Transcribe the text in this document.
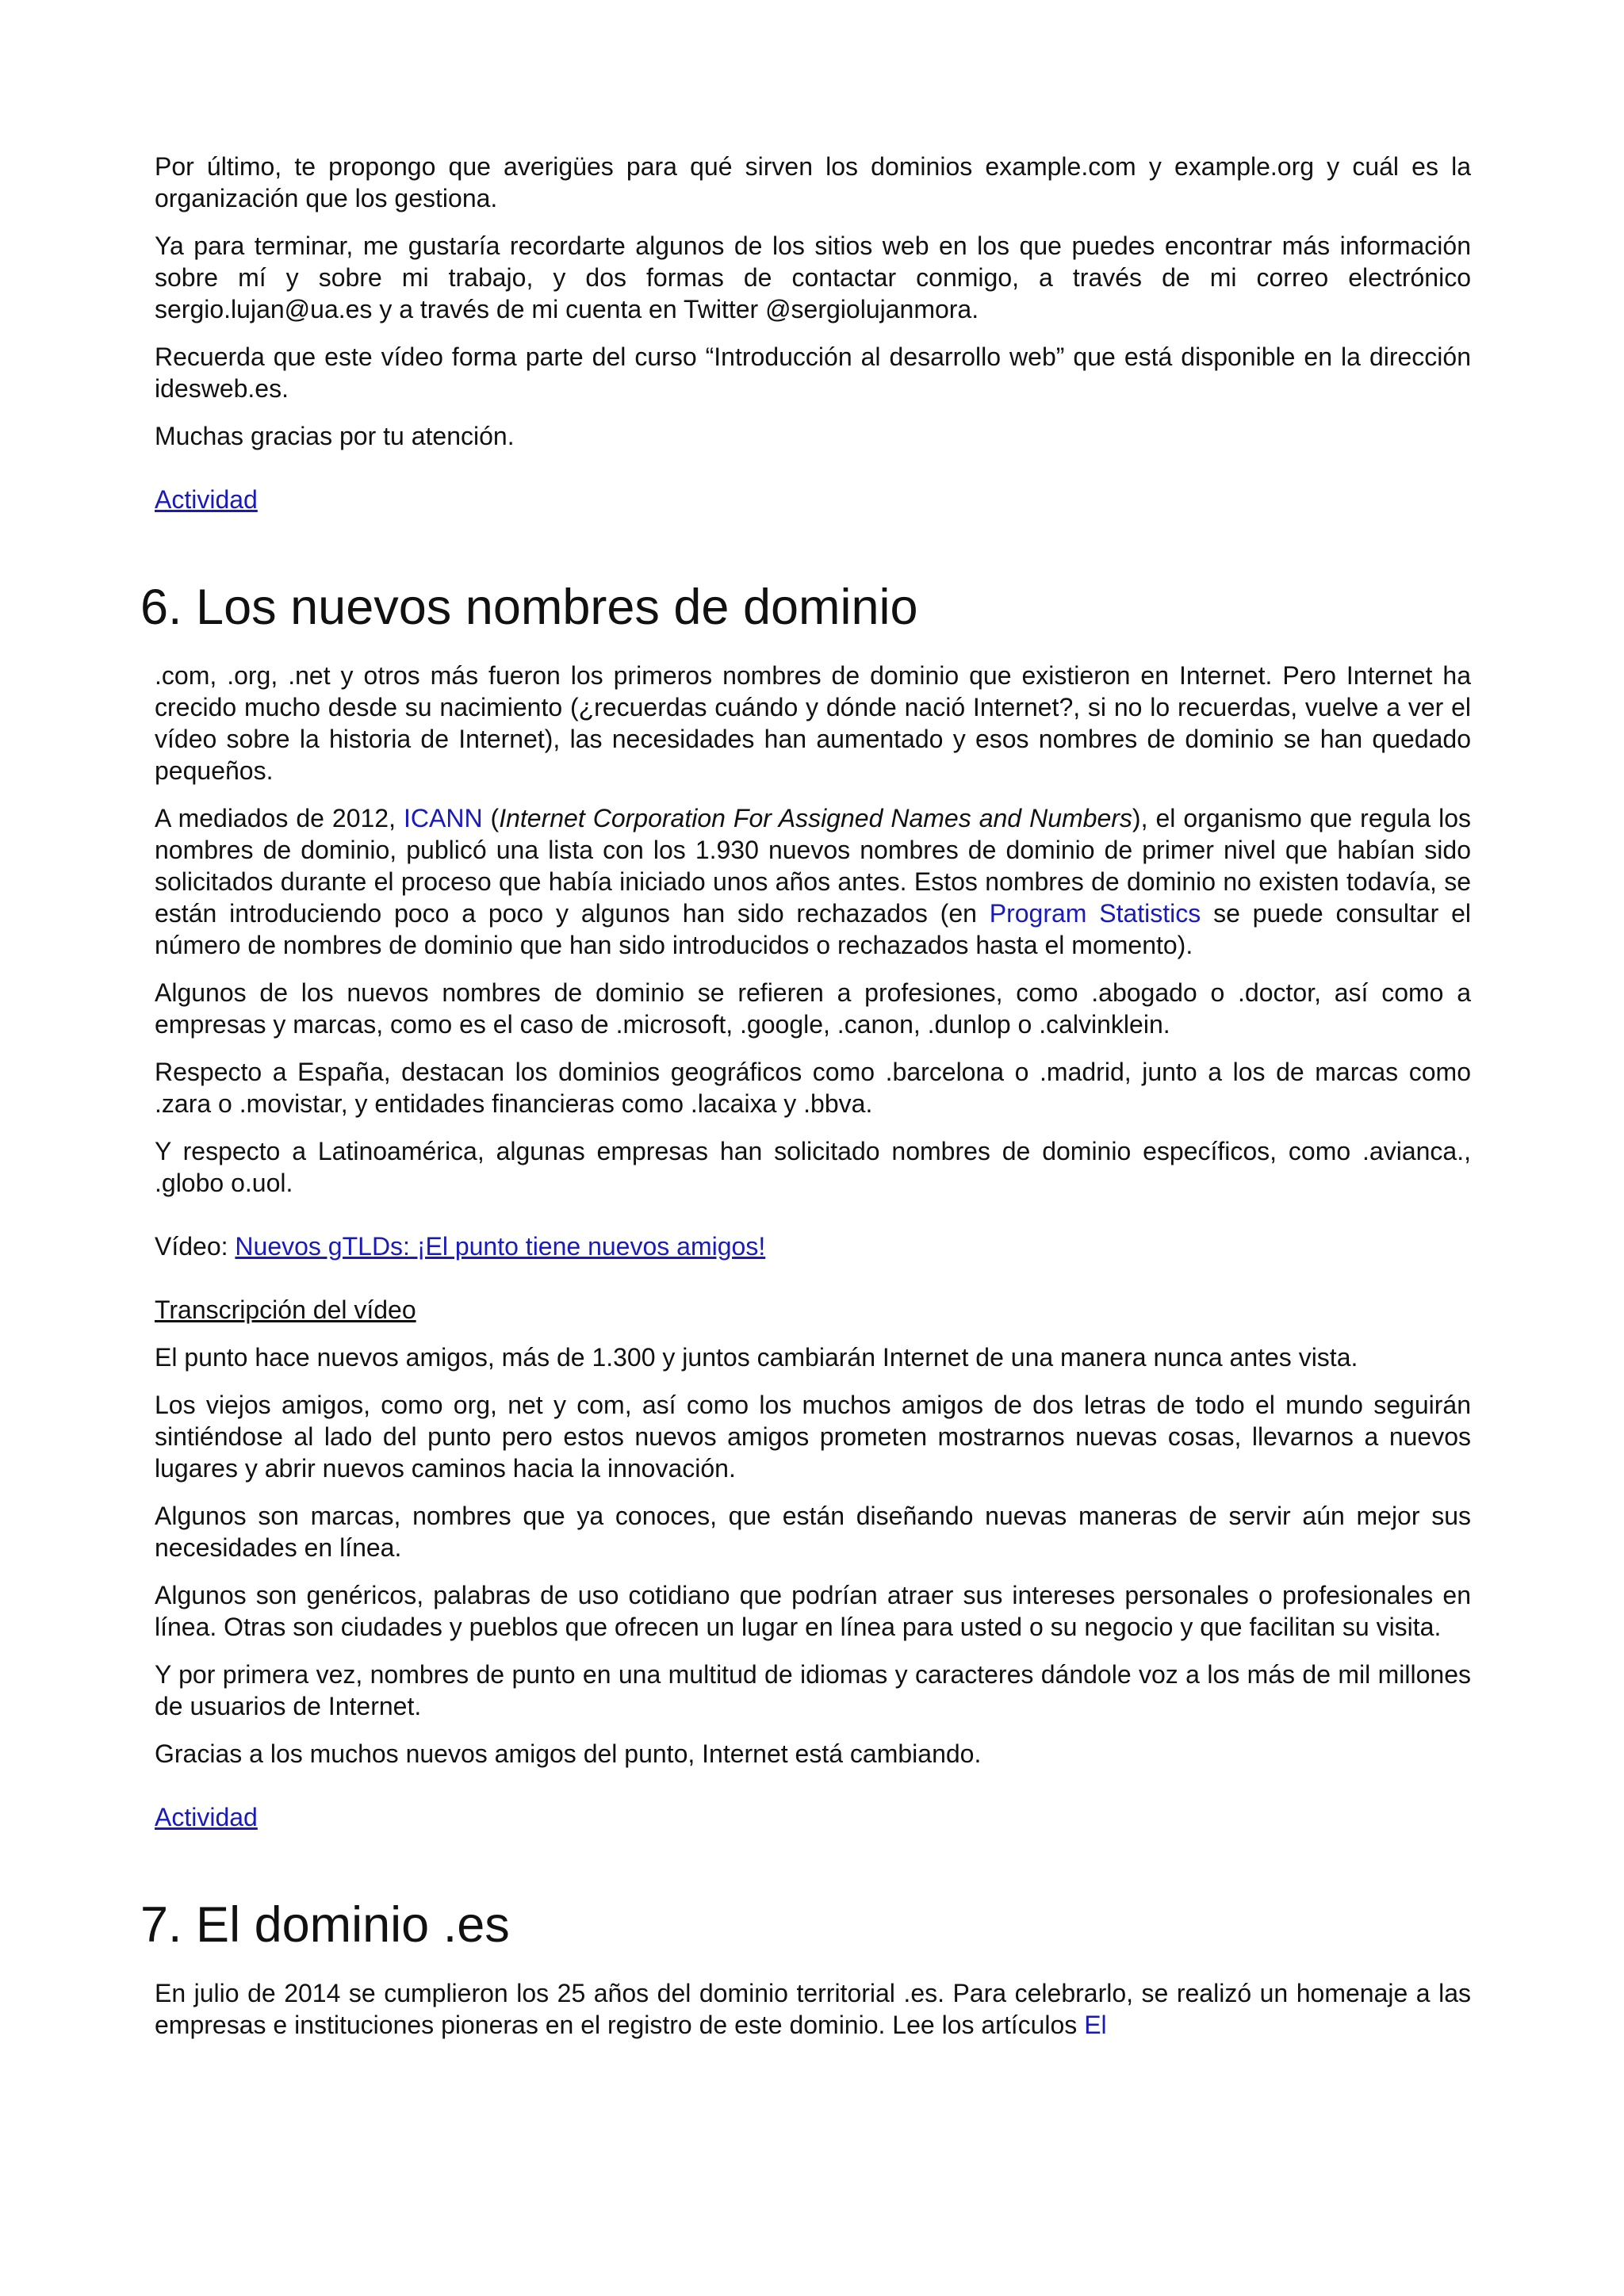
Por último, te propongo que averigües para qué sirven los dominios example.com y example.org y cuál es la organización que los gestiona.

Ya para terminar, me gustaría recordarte algunos de los sitios web en los que puedes encontrar más información sobre mí y sobre mi trabajo, y dos formas de contactar conmigo, a través de mi correo electrónico sergio.lujan@ua.es y a través de mi cuenta en Twitter @sergiolujanmora.

Recuerda que este vídeo forma parte del curso “Introducción al desarrollo web” que está disponible en la dirección idesweb.es.

Muchas gracias por tu atención.

Actividad

6. Los nuevos nombres de dominio

.com, .org, .net y otros más fueron los primeros nombres de dominio que existieron en Internet. Pero Internet ha crecido mucho desde su nacimiento (¿recuerdas cuándo y dónde nació Internet?, si no lo recuerdas, vuelve a ver el vídeo sobre la historia de Internet), las necesidades han aumentado y esos nombres de dominio se han quedado pequeños.

A mediados de 2012, ICANN (Internet Corporation For Assigned Names and Numbers), el organismo que regula los nombres de dominio, publicó una lista con los 1.930 nuevos nombres de dominio de primer nivel que habían sido solicitados durante el proceso que había iniciado unos años antes. Estos nombres de dominio no existen todavía, se están introduciendo poco a poco y algunos han sido rechazados (en Program Statistics se puede consultar el número de nombres de dominio que han sido introducidos o rechazados hasta el momento).

Algunos de los nuevos nombres de dominio se refieren a profesiones, como .abogado o .doctor, así como a empresas y marcas, como es el caso de .microsoft, .google, .canon, .dunlop o .calvinklein.

Respecto a España, destacan los dominios geográficos como .barcelona o .madrid, junto a los de marcas como .zara o .movistar, y entidades financieras como .lacaixa y .bbva.

Y respecto a Latinoamérica, algunas empresas han solicitado nombres de dominio específicos, como .avianca., .globo o.uol.

Vídeo: Nuevos gTLDs: ¡El punto tiene nuevos amigos!

Transcripción del vídeo

El punto hace nuevos amigos, más de 1.300 y juntos cambiarán Internet de una manera nunca antes vista.

Los viejos amigos, como org, net y com, así como los muchos amigos de dos letras de todo el mundo seguirán sintiéndose al lado del punto pero estos nuevos amigos prometen mostrarnos nuevas cosas, llevarnos a nuevos lugares y abrir nuevos caminos hacia la innovación.

Algunos son marcas, nombres que ya conoces, que están diseñando nuevas maneras de servir aún mejor sus necesidades en línea.

Algunos son genéricos, palabras de uso cotidiano que podrían atraer sus intereses personales o profesionales en línea. Otras son ciudades y pueblos que ofrecen un lugar en línea para usted o su negocio y que facilitan su visita.

Y por primera vez, nombres de punto en una multitud de idiomas y caracteres dándole voz a los más de mil millones de usuarios de Internet.

Gracias a los muchos nuevos amigos del punto, Internet está cambiando.

Actividad

7. El dominio .es

En julio de 2014 se cumplieron los 25 años del dominio territorial .es. Para celebrarlo, se realizó un homenaje a las empresas e instituciones pioneras en el registro de este dominio. Lee los artículos El
